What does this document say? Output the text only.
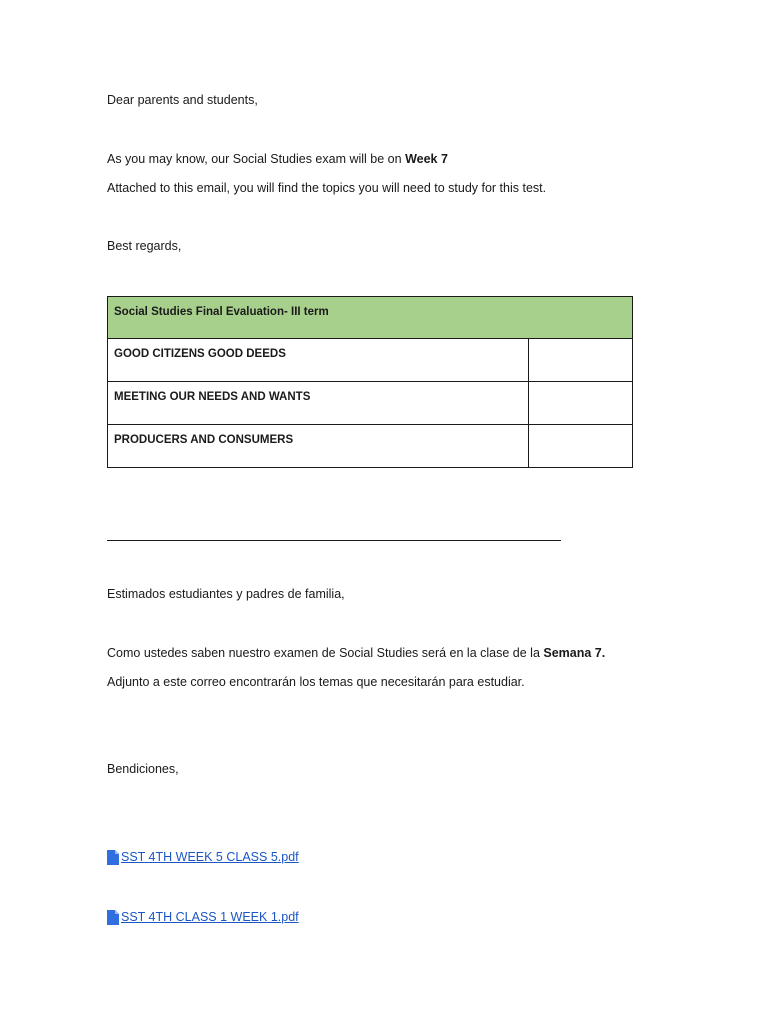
Dear parents and students,
As you may know, our Social Studies exam will be on Week 7
Attached to this email, you will find the topics you will need to study for this test.
Best regards,
Social Studies Final Evaluation- III term	
GOOD CITIZENS GOOD DEEDS	
MEETING OUR NEEDS AND WANTS	
PRODUCERS AND CONSUMERS	
Estimados estudiantes y padres de familia,
Como ustedes saben nuestro examen de Social Studies será en la clase de la Semana 7.
Adjunto a este correo encontrarán los temas que necesitarán para estudiar.
Bendiciones,
SST 4TH WEEK 5 CLASS 5.pdf
SST 4TH CLASS 1 WEEK 1.pdf
